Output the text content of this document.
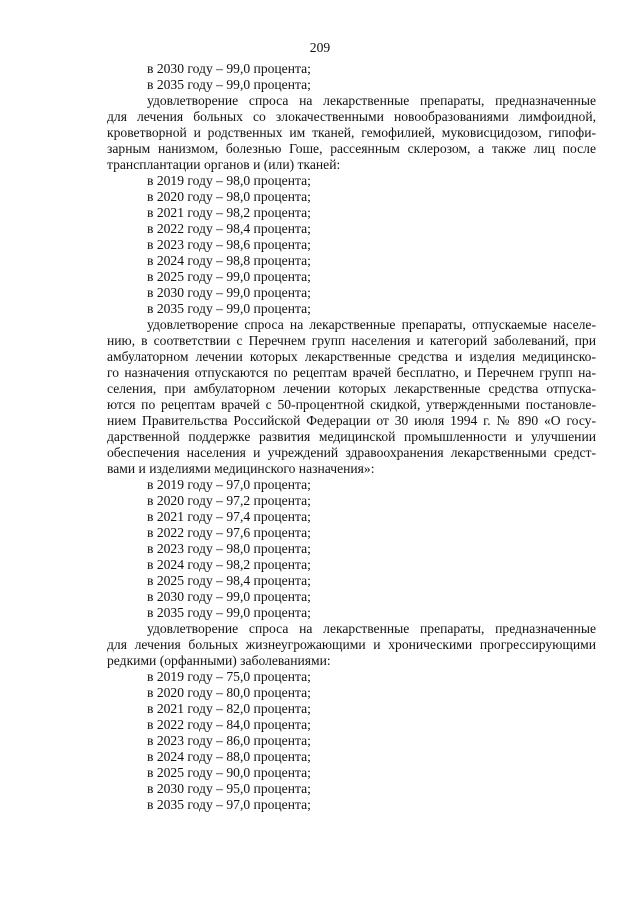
209
в 2030 году – 99,0 процента;
в 2035 году – 99,0 процента;
удовлетворение спроса на лекарственные препараты, предназначенные
для лечения больных со злокачественными новообразованиями лимфоидной,
кроветворной и родственных им тканей, гемофилией, муковисцидозом, гипофи-
зарным нанизмом, болезнью Гоше, рассеянным склерозом, а также лиц после
трансплантации органов и (или) тканей:
в 2019 году – 98,0 процента;
в 2020 году – 98,0 процента;
в 2021 году – 98,2 процента;
в 2022 году – 98,4 процента;
в 2023 году – 98,6 процента;
в 2024 году – 98,8 процента;
в 2025 году – 99,0 процента;
в 2030 году – 99,0 процента;
в 2035 году – 99,0 процента;
удовлетворение спроса на лекарственные препараты, отпускаемые населе-
нию, в соответствии с Перечнем групп населения и категорий заболеваний, при
амбулаторном лечении которых лекарственные средства и изделия медицинско-
го назначения отпускаются по рецептам врачей бесплатно, и Перечнем групп на-
селения, при амбулаторном лечении которых лекарственные средства отпуска-
ются по рецептам врачей с 50-процентной скидкой, утвержденными постановле-
нием Правительства Российской Федерации от 30 июля 1994 г. № 890 «О госу-
дарственной поддержке развития медицинской промышленности и улучшении
обеспечения населения и учреждений здравоохранения лекарственными средст-
вами и изделиями медицинского назначения»:
в 2019 году – 97,0 процента;
в 2020 году – 97,2 процента;
в 2021 году – 97,4 процента;
в 2022 году – 97,6 процента;
в 2023 году – 98,0 процента;
в 2024 году – 98,2 процента;
в 2025 году – 98,4 процента;
в 2030 году – 99,0 процента;
в 2035 году – 99,0 процента;
удовлетворение спроса на лекарственные препараты, предназначенные
для лечения больных жизнеугрожающими и хроническими прогрессирующими
редкими (орфанными) заболеваниями:
в 2019 году – 75,0 процента;
в 2020 году – 80,0 процента;
в 2021 году – 82,0 процента;
в 2022 году – 84,0 процента;
в 2023 году – 86,0 процента;
в 2024 году – 88,0 процента;
в 2025 году – 90,0 процента;
в 2030 году – 95,0 процента;
в 2035 году – 97,0 процента;
